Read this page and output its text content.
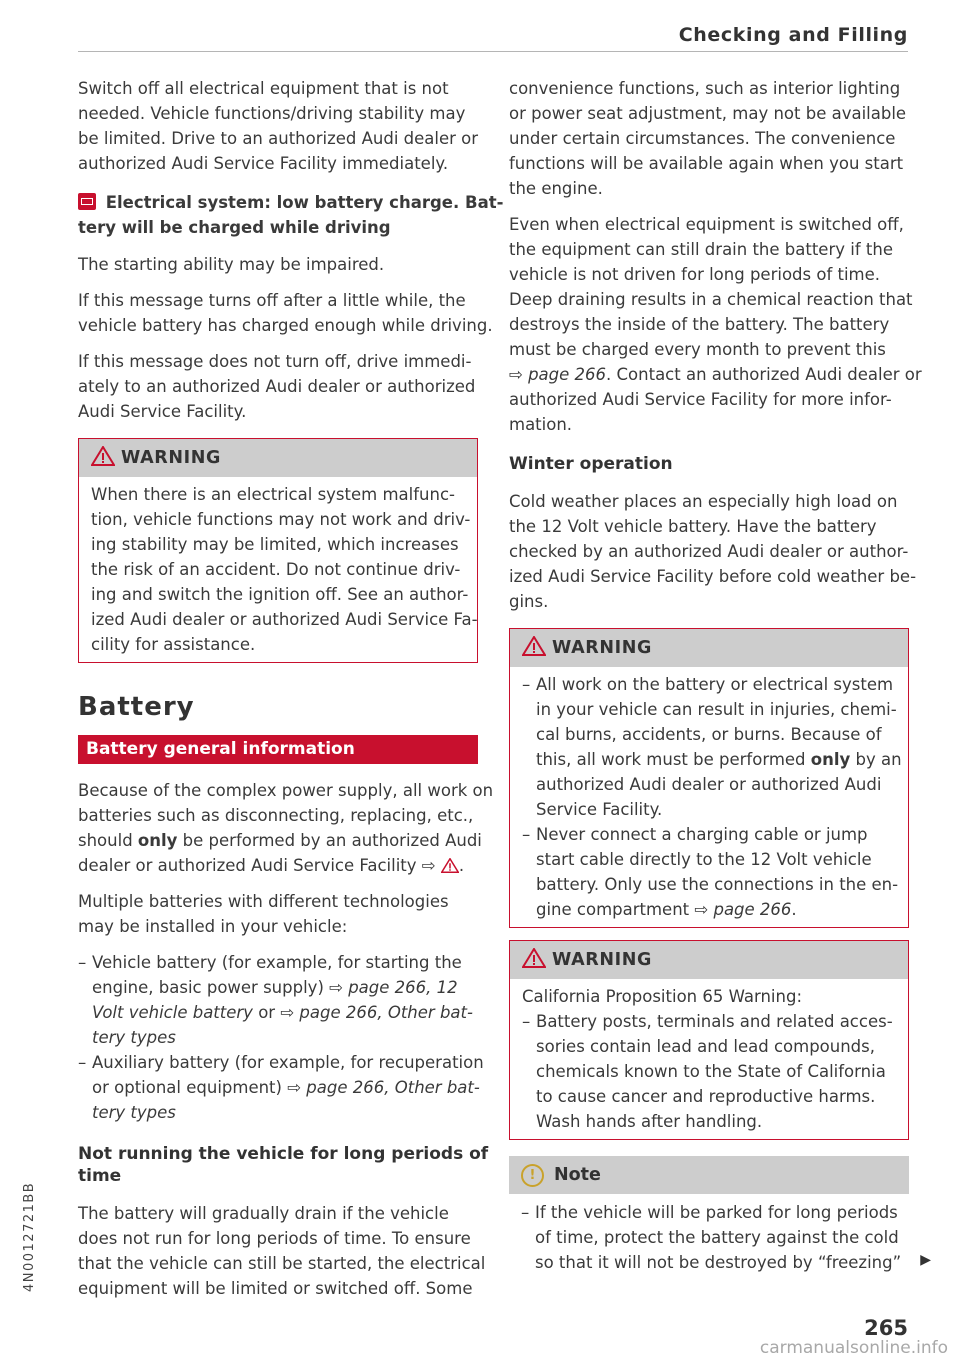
Checking and Filling

Switch off all electrical equipment that is not
needed. Vehicle functions/driving stability may
be limited. Drive to an authorized Audi dealer or
authorized Audi Service Facility immediately.

Electrical system: low battery charge. Bat-
tery will be charged while driving

The starting ability may be impaired.

If this message turns off after a little while, the
vehicle battery has charged enough while driving.

If this message does not turn off, drive immedi-
ately to an authorized Audi dealer or authorized
Audi Service Facility.

WARNING
When there is an electrical system malfunc-
tion, vehicle functions may not work and driv-
ing stability may be limited, which increases
the risk of an accident. Do not continue driv-
ing and switch the ignition off. See an author-
ized Audi dealer or authorized Audi Service Fa-
cility for assistance.
Battery
Battery general information

Because of the complex power supply, all work on
batteries such as disconnecting, replacing, etc.,
should only be performed by an authorized Audi
dealer or authorized Audi Service Facility ⇨ .

Multiple batteries with different technologies
may be installed in your vehicle:

– Vehicle battery (for example, for starting the
engine, basic power supply) ⇨ page 266, 12
Volt vehicle battery or ⇨ page 266, Other bat-
tery types
– Auxiliary battery (for example, for recuperation
or optional equipment) ⇨ page 266, Other bat-
tery types
Not running the vehicle for long periods of
time

The battery will gradually drain if the vehicle
does not run for long periods of time. To ensure
that the vehicle can still be started, the electrical
equipment will be limited or switched off. Some

convenience functions, such as interior lighting
or power seat adjustment, may not be available
under certain circumstances. The convenience
functions will be available again when you start
the engine.

Even when electrical equipment is switched off,
the equipment can still drain the battery if the
vehicle is not driven for long periods of time.
Deep draining results in a chemical reaction that
destroys the inside of the battery. The battery
must be charged every month to prevent this
⇨ page 266. Contact an authorized Audi dealer or
authorized Audi Service Facility for more infor-
mation.

Winter operation

Cold weather places an especially high load on
the 12 Volt vehicle battery. Have the battery
checked by an authorized Audi dealer or author-
ized Audi Service Facility before cold weather be-
gins.

WARNING
– All work on the battery or electrical system
in your vehicle can result in injuries, chemi-
cal burns, accidents, or burns. Because of
this, all work must be performed only by an
authorized Audi dealer or authorized Audi
Service Facility.
– Never connect a charging cable or jump
start cable directly to the 12 Volt vehicle
battery. Only use the connections in the en-
gine compartment ⇨ page 266.
WARNING
California Proposition 65 Warning:
– Battery posts, terminals and related acces-
sories contain lead and lead compounds,
chemicals known to the State of California
to cause cancer and reproductive harms.
Wash hands after handling.
! Note
– If the vehicle will be parked for long periods
of time, protect the battery against the cold
so that it will not be destroyed by “freezing” ▶
4N0012721BB
265
carmanualsonline.info
